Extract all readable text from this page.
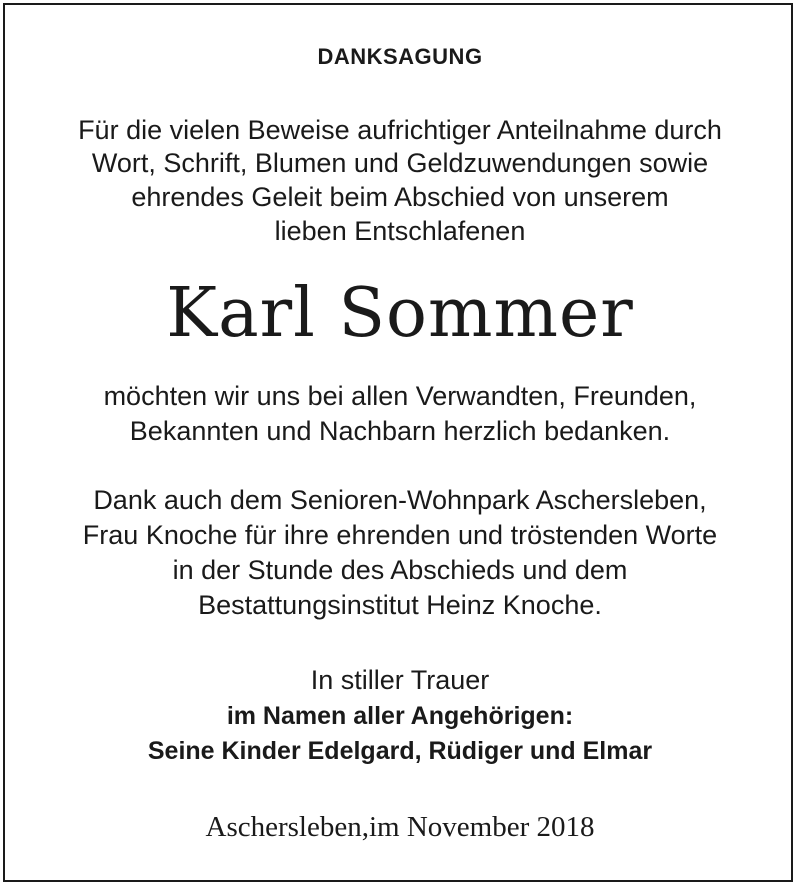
DANKSAGUNG
Für die vielen Beweise aufrichtiger Anteilnahme durch
Wort, Schrift, Blumen und Geldzuwendungen sowie
ehrendes Geleit beim Abschied von unserem
lieben Entschlafenen
Karl Sommer
möchten wir uns bei allen Verwandten, Freunden,
Bekannten und Nachbarn herzlich bedanken.
Dank auch dem Senioren-Wohnpark Aschersleben,
Frau Knoche für ihre ehrenden und tröstenden Worte
in der Stunde des Abschieds und dem
Bestattungsinstitut Heinz Knoche.
In stiller Trauer
im Namen aller Angehörigen:
Seine Kinder Edelgard, Rüdiger und Elmar
Aschersleben,im November 2018
